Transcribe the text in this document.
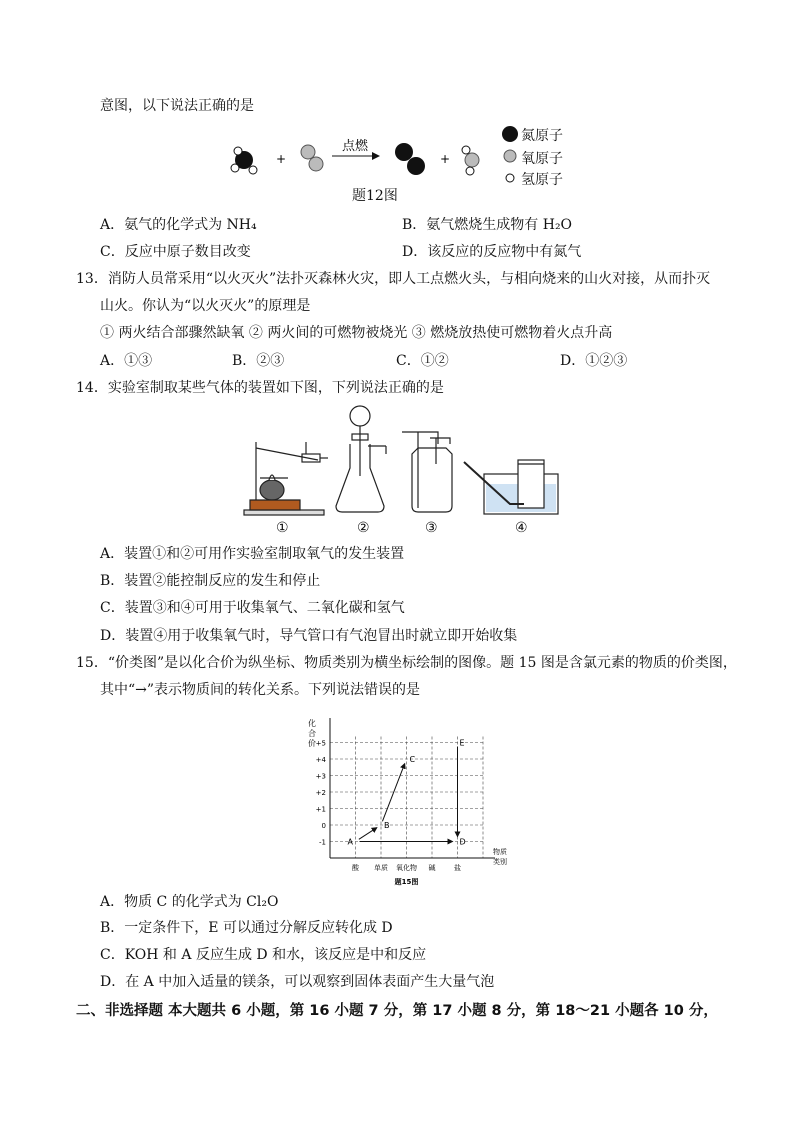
意图，以下说法正确的是
+
点燃
+
氮原子
氧原子
氢原子
题12图
A．氨气的化学式为 NH₄	B．氨气燃烧生成物有 H₂O
C．反应中原子数目改变	D．该反应的反应物中有氮气
13．消防人员常采用“以火灭火”法扑灭森林火灾，即人工点燃火头，与相向烧来的山火对接，从而扑灭
山火。你认为“以火灭火”的原理是
① 两火结合部骤然缺氧 ② 两火间的可燃物被烧光 ③ 燃烧放热使可燃物着火点升高
A．①③	B．②③	C．①②	D．①②③
14．实验室制取某些气体的装置如下图，下列说法正确的是
①	②	③	④
A．装置①和②可用作实验室制取氧气的发生装置
B．装置②能控制反应的发生和停止
C．装置③和④可用于收集氧气、二氧化碳和氢气
D．装置④用于收集氧气时，导气管口有气泡冒出时就立即开始收集
15．“价类图”是以化合价为纵坐标、物质类别为横坐标绘制的图像。题 15 图是含氯元素的物质的价类图，
其中“→”表示物质间的转化关系。下列说法错误的是
化
合
价
-1
0
+1
+2
+3
+4
+5
酸 单质 氧化物 碱	盐
物质
类别
A
B
C
D
E
题15图
A．物质 C 的化学式为 Cl₂O
B．一定条件下，E 可以通过分解反应转化成 D
C．KOH 和 A 反应生成 D 和水，该反应是中和反应
D．在 A 中加入适量的镁条，可以观察到固体表面产生大量气泡
二、非选择题 本大题共 6 小题，第 16 小题 7 分，第 17 小题 8 分，第 18～21 小题各 10 分，
